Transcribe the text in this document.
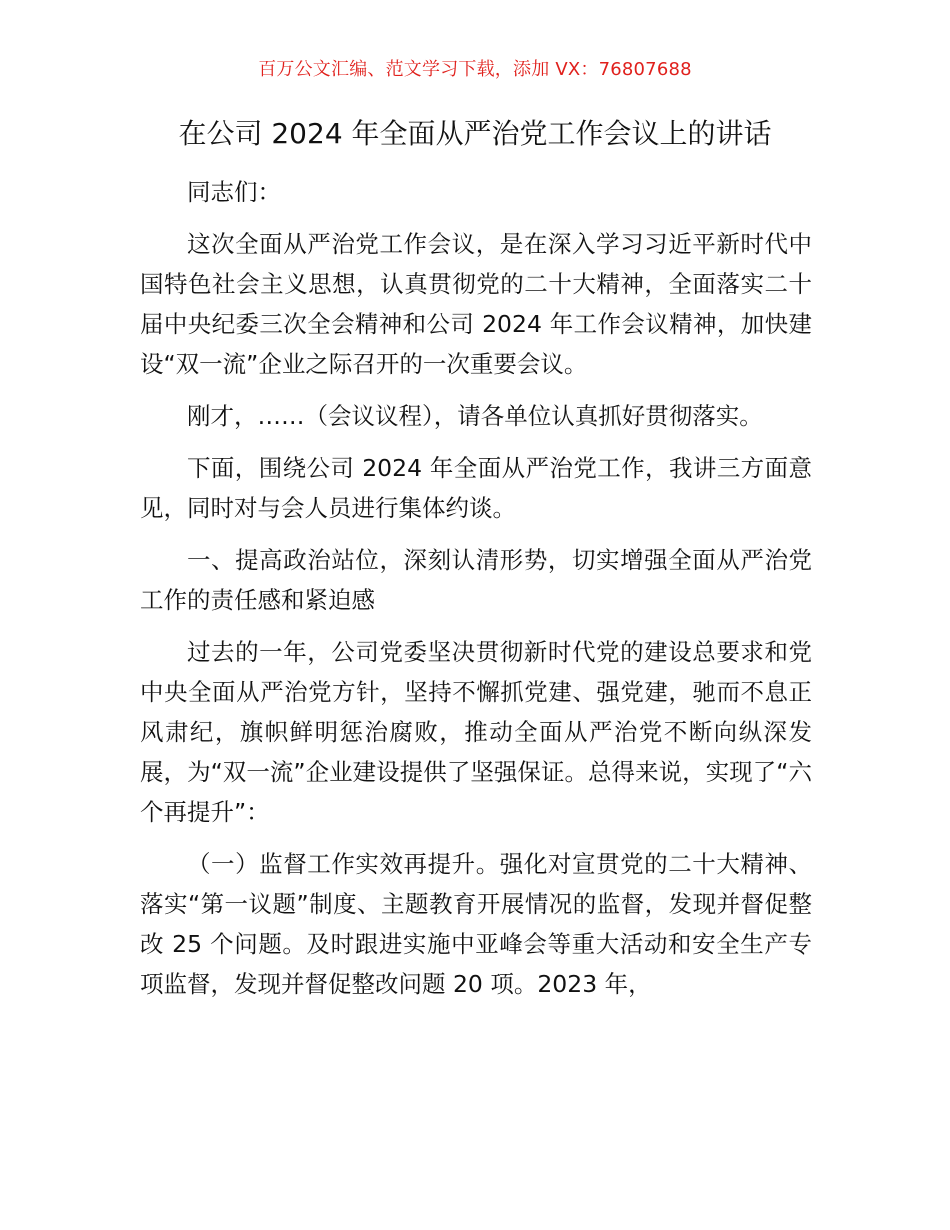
百万公文汇编、范文学习下载，添加 VX：76807688
在公司 2024 年全面从严治党工作会议上的讲话

同志们：

这次全面从严治党工作会议，是在深入学习习近平新时代中国特色社会主义思想，认真贯彻党的二十大精神，全面落实二十届中央纪委三次全会精神和公司 2024 年工作会议精神，加快建设“双一流”企业之际召开的一次重要会议。

刚才，……（会议议程），请各单位认真抓好贯彻落实。

下面，围绕公司 2024 年全面从严治党工作，我讲三方面意见，同时对与会人员进行集体约谈。

一、提高政治站位，深刻认清形势，切实增强全面从严治党工作的责任感和紧迫感

过去的一年，公司党委坚决贯彻新时代党的建设总要求和党中央全面从严治党方针，坚持不懈抓党建、强党建，驰而不息正风肃纪，旗帜鲜明惩治腐败，推动全面从严治党不断向纵深发展，为“双一流”企业建设提供了坚强保证。总得来说，实现了“六个再提升”：

（一）监督工作实效再提升。强化对宣贯党的二十大精神、落实“第一议题”制度、主题教育开展情况的监督，发现并督促整改 25 个问题。及时跟进实施中亚峰会等重大活动和安全生产专项监督，发现并督促整改问题 20 项。2023 年，
